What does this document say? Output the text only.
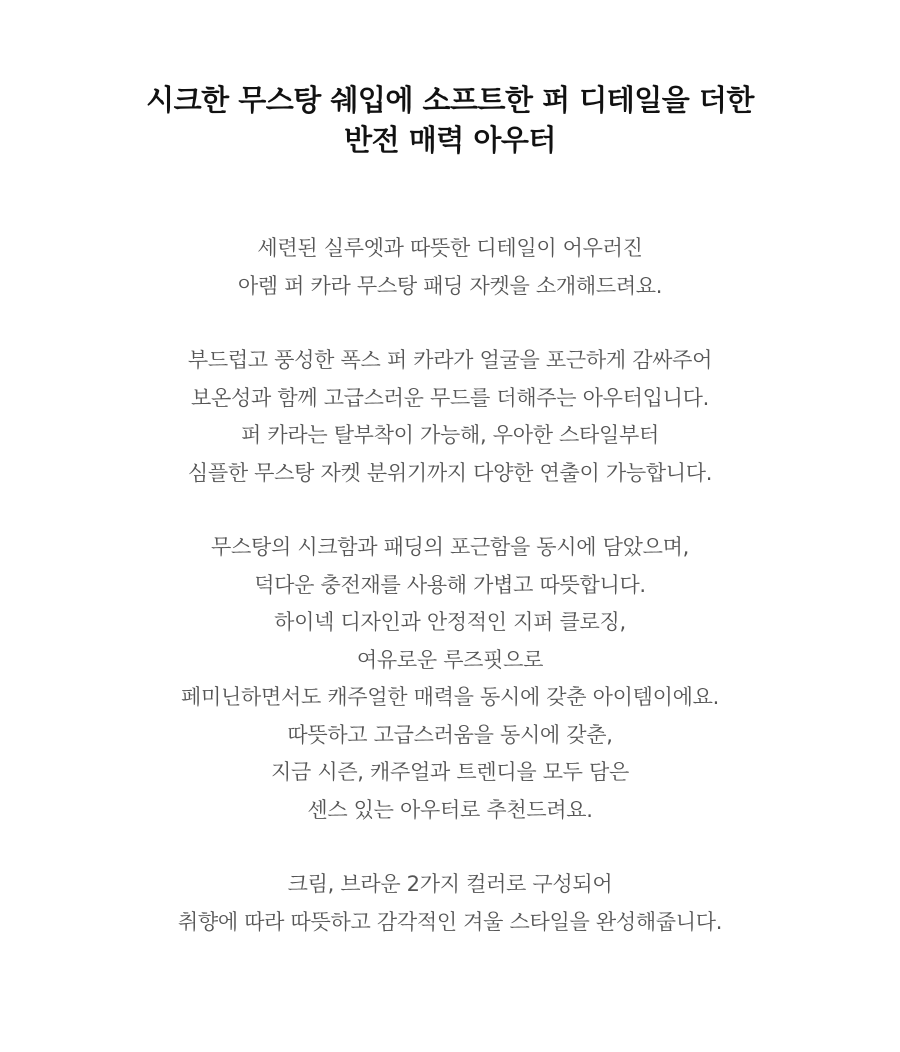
시크한 무스탕 쉐입에 소프트한 퍼 디테일을 더한
반전 매력 아우터

세련된 실루엣과 따뜻한 디테일이 어우러진
아렘 퍼 카라 무스탕 패딩 자켓을 소개해드려요.

부드럽고 풍성한 폭스 퍼 카라가 얼굴을 포근하게 감싸주어
보온성과 함께 고급스러운 무드를 더해주는 아우터입니다.
퍼 카라는 탈부착이 가능해, 우아한 스타일부터
심플한 무스탕 자켓 분위기까지 다양한 연출이 가능합니다.

무스탕의 시크함과 패딩의 포근함을 동시에 담았으며,
덕다운 충전재를 사용해 가볍고 따뜻합니다.
하이넥 디자인과 안정적인 지퍼 클로징,
여유로운 루즈핏으로
페미닌하면서도 캐주얼한 매력을 동시에 갖춘 아이템이에요.
따뜻하고 고급스러움을 동시에 갖춘,
지금 시즌, 캐주얼과 트렌디을 모두 담은
센스 있는 아우터로 추천드려요.

크림, 브라운 2가지 컬러로 구성되어
취향에 따라 따뜻하고 감각적인 겨울 스타일을 완성해줍니다.
